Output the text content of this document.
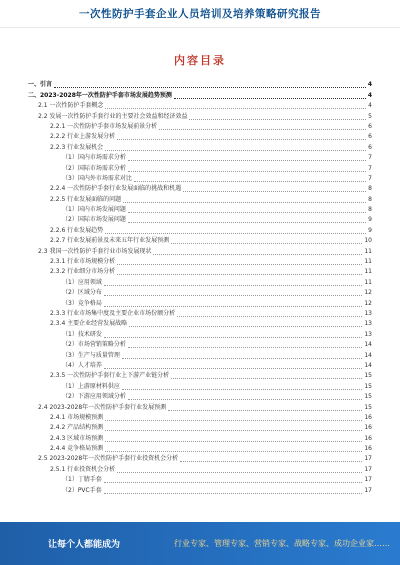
一次性防护手套企业人员培训及培养策略研究报告
内容目录
一、引言	4
二、2023-2028年一次性防护手套市场发展趋势预测	4
2.1 一次性防护手套概念	4
2.2 发展一次性防护手套行业的主要社会效益和经济效益	5
2.2.1 一次性防护手套市场发展前景分析	6
2.2.2 行业上游发展分析	6
2.2.3 行业发展机会	6
（1）国内市场需求分析	7
（2）国际市场需求分析	7
（3）国内外市场需求对比	7
2.2.4 一次性防护手套行业发展面临的挑战和机遇	8
2.2.5 行业发展面临的问题	8
（1）国内市场发展问题	8
（2）国际市场发展问题	9
2.2.6 行业发展趋势	9
2.2.7 行业发展前景及未来五年行业发展预测	10
2.3 我国一次性防护手套行业市场发展现状	11
2.3.1 行业市场规模分析	11
2.3.2 行业细分市场分析	11
（1）应用领域	11
（2）区域分布	12
（3）竞争格局	12
2.3.3 行业市场集中度及主要企业市场份额分析	13
2.3.4 主要企业经营发展战略	13
（1）技术研发	13
（2）市场营销策略分析	14
（3）生产与质量管理	14
（4）人才培养	14
2.3.5 一次性防护手套行业上下游产业链分析	15
（1）上游原材料供应	15
（2）下游应用领域分析	15
2.4 2023-2028年一次性防护手套行业发展预测	15
2.4.1 市场规模预测	16
2.4.2 产品结构预测	16
2.4.3 区域市场预测	16
2.4.4 竞争格局预测	16
2.5 2023-2028年一次性防护手套行业投资机会分析	17
2.5.1 行业投资机会分析	17
（1）丁腈手套	17
（2）PVC手套	17
让每个人都能成为	行业专家、管理专家、营销专家、战略专家、成功企业家……
